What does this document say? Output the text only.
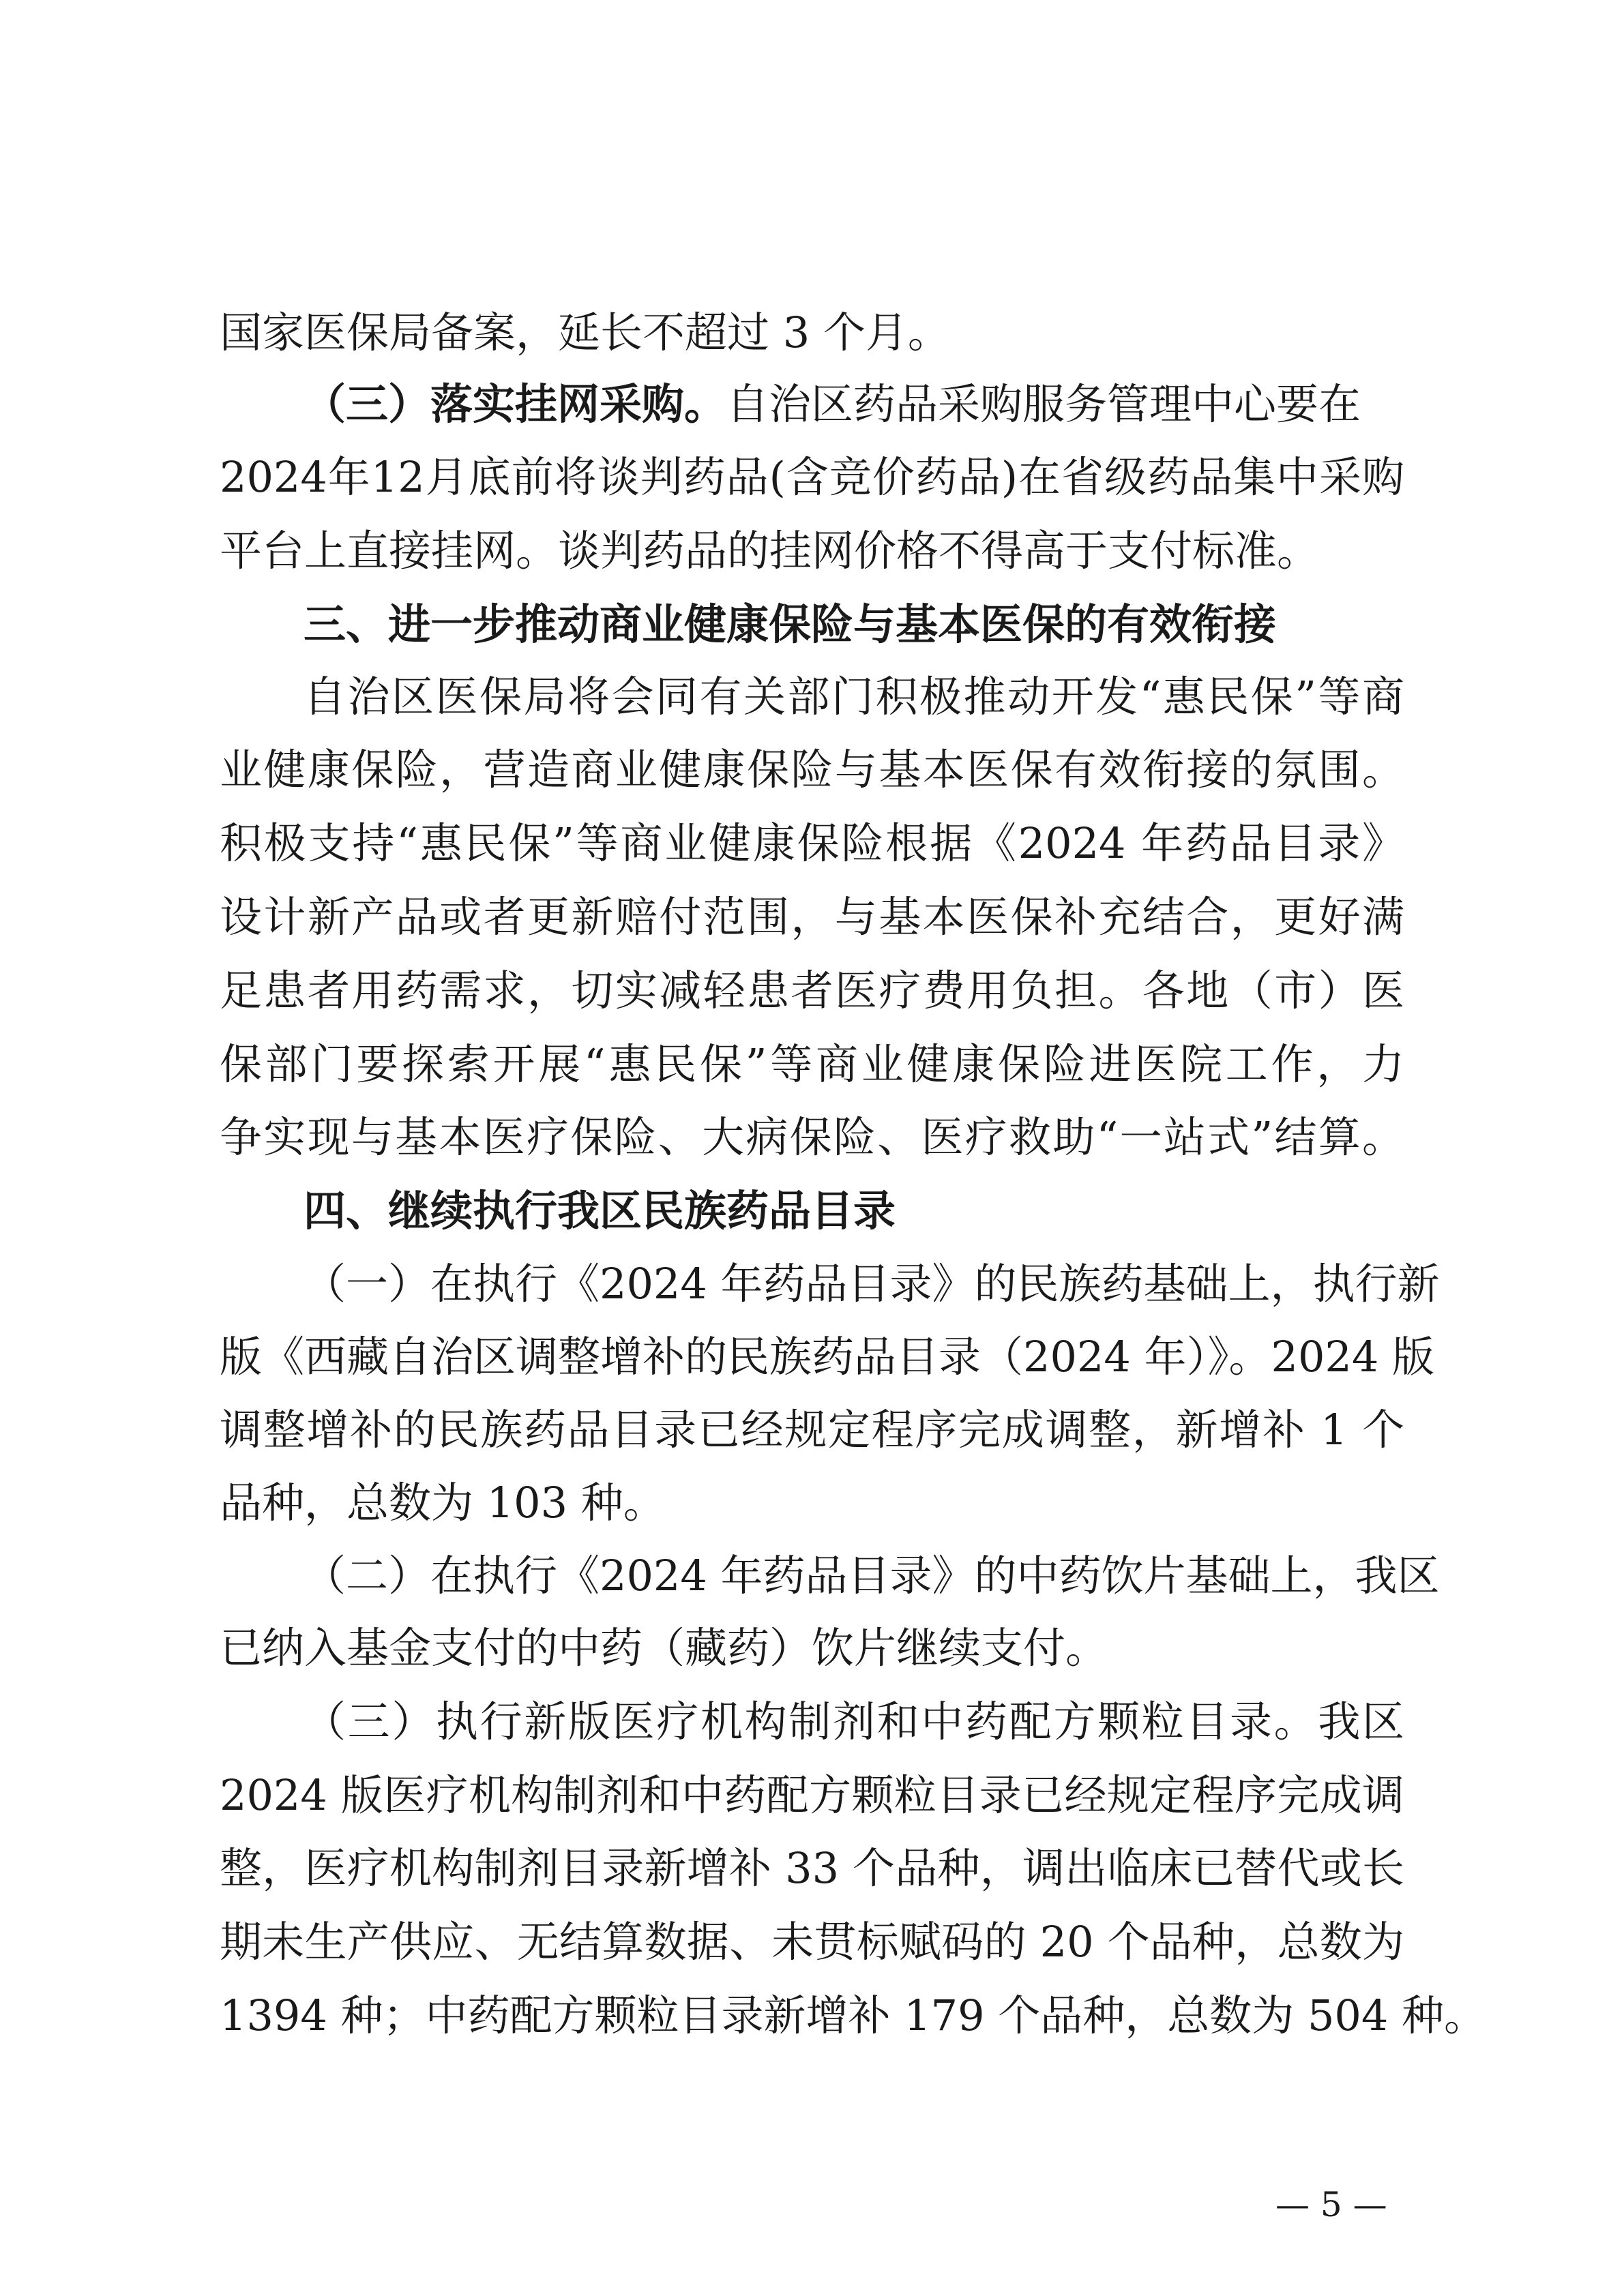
国家医保局备案，延长不超过 3 个月。
（三）落实挂网采购。自治区药品采购服务管理中心要在
2024年12月底前将谈判药品(含竞价药品)在省级药品集中采购
平台上直接挂网。谈判药品的挂网价格不得高于支付标准。
三、进一步推动商业健康保险与基本医保的有效衔接
自治区医保局将会同有关部门积极推动开发“惠民保”等商
业健康保险，营造商业健康保险与基本医保有效衔接的氛围。
积极支持“惠民保”等商业健康保险根据《2024 年药品目录》
设计新产品或者更新赔付范围，与基本医保补充结合，更好满
足患者用药需求，切实减轻患者医疗费用负担。各地（市）医
保部门要探索开展“惠民保”等商业健康保险进医院工作，力
争实现与基本医疗保险、大病保险、医疗救助“一站式”结算。
四、继续执行我区民族药品目录
（一）在执行《2024 年药品目录》的民族药基础上，执行新
版《西藏自治区调整增补的民族药品目录（2024 年）》。2024 版
调整增补的民族药品目录已经规定程序完成调整，新增补 1 个
品种，总数为 103 种。
（二）在执行《2024 年药品目录》的中药饮片基础上，我区
已纳入基金支付的中药（藏药）饮片继续支付。
（三）执行新版医疗机构制剂和中药配方颗粒目录。我区
2024 版医疗机构制剂和中药配方颗粒目录已经规定程序完成调
整，医疗机构制剂目录新增补 33 个品种，调出临床已替代或长
期未生产供应、无结算数据、未贯标赋码的 20 个品种，总数为
1394 种；中药配方颗粒目录新增补 179 个品种，总数为 504 种。
— 5 —
